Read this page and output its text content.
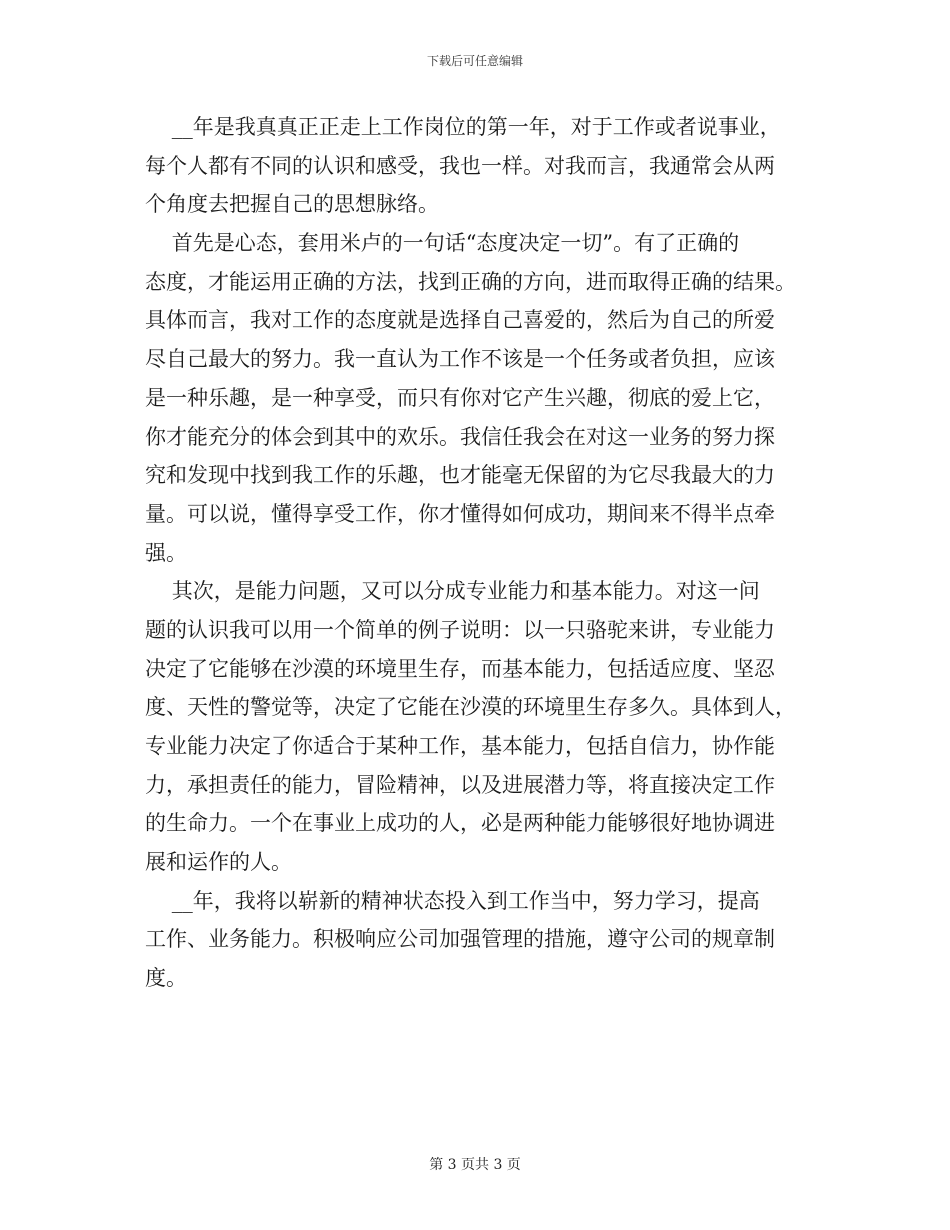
下载后可任意编辑
__年是我真真正正走上工作岗位的第一年，对于工作或者说事业，
每个人都有不同的认识和感受，我也一样。对我而言，我通常会从两
个角度去把握自己的思想脉络。
首先是心态，套用米卢的一句话“态度决定一切”。有了正确的
态度，才能运用正确的方法，找到正确的方向，进而取得正确的结果。
具体而言，我对工作的态度就是选择自己喜爱的，然后为自己的所爱
尽自己最大的努力。我一直认为工作不该是一个任务或者负担，应该
是一种乐趣，是一种享受，而只有你对它产生兴趣，彻底的爱上它，
你才能充分的体会到其中的欢乐。我信任我会在对这一业务的努力探
究和发现中找到我工作的乐趣，也才能毫无保留的为它尽我最大的力
量。可以说，懂得享受工作，你才懂得如何成功，期间来不得半点牵
强。
其次，是能力问题，又可以分成专业能力和基本能力。对这一问
题的认识我可以用一个简单的例子说明：以一只骆驼来讲，专业能力
决定了它能够在沙漠的环境里生存，而基本能力，包括适应度、坚忍
度、天性的警觉等，决定了它能在沙漠的环境里生存多久。具体到人，
专业能力决定了你适合于某种工作，基本能力，包括自信力，协作能
力，承担责任的能力，冒险精神，以及进展潜力等，将直接决定工作
的生命力。一个在事业上成功的人，必是两种能力能够很好地协调进
展和运作的人。
__年，我将以崭新的精神状态投入到工作当中，努力学习，提高
工作、业务能力。积极响应公司加强管理的措施，遵守公司的规章制
度。
第 3 页共 3 页
